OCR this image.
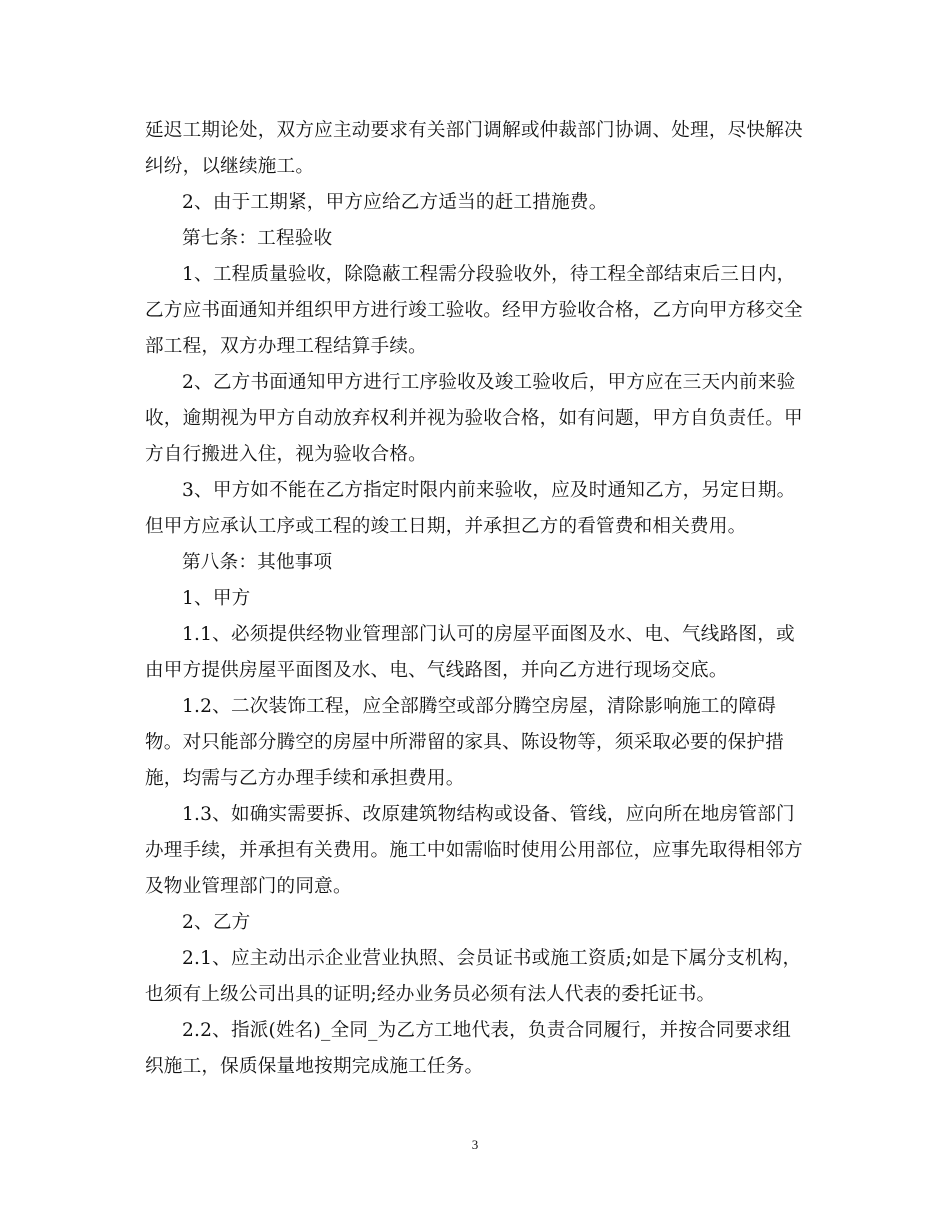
延迟工期论处，双方应主动要求有关部门调解或仲裁部门协调、处理，尽快解决
纠纷，以继续施工。
2、由于工期紧，甲方应给乙方适当的赶工措施费。
第七条：工程验收
1、工程质量验收，除隐蔽工程需分段验收外，待工程全部结束后三日内，
乙方应书面通知并组织甲方进行竣工验收。经甲方验收合格，乙方向甲方移交全
部工程，双方办理工程结算手续。
2、乙方书面通知甲方进行工序验收及竣工验收后，甲方应在三天内前来验
收，逾期视为甲方自动放弃权利并视为验收合格，如有问题，甲方自负责任。甲
方自行搬进入住，视为验收合格。
3、甲方如不能在乙方指定时限内前来验收，应及时通知乙方，另定日期。
但甲方应承认工序或工程的竣工日期，并承担乙方的看管费和相关费用。
第八条：其他事项
1、甲方
1.1、必须提供经物业管理部门认可的房屋平面图及水、电、气线路图，或
由甲方提供房屋平面图及水、电、气线路图，并向乙方进行现场交底。
1.2、二次装饰工程，应全部腾空或部分腾空房屋，清除影响施工的障碍
物。对只能部分腾空的房屋中所滞留的家具、陈设物等，须采取必要的保护措
施，均需与乙方办理手续和承担费用。
1.3、如确实需要拆、改原建筑物结构或设备、管线，应向所在地房管部门
办理手续，并承担有关费用。施工中如需临时使用公用部位，应事先取得相邻方
及物业管理部门的同意。
2、乙方
2.1、应主动出示企业营业执照、会员证书或施工资质;如是下属分支机构，
也须有上级公司出具的证明;经办业务员必须有法人代表的委托证书。
2.2、指派(姓名)_全同_为乙方工地代表，负责合同履行，并按合同要求组
织施工，保质保量地按期完成施工任务。
3
